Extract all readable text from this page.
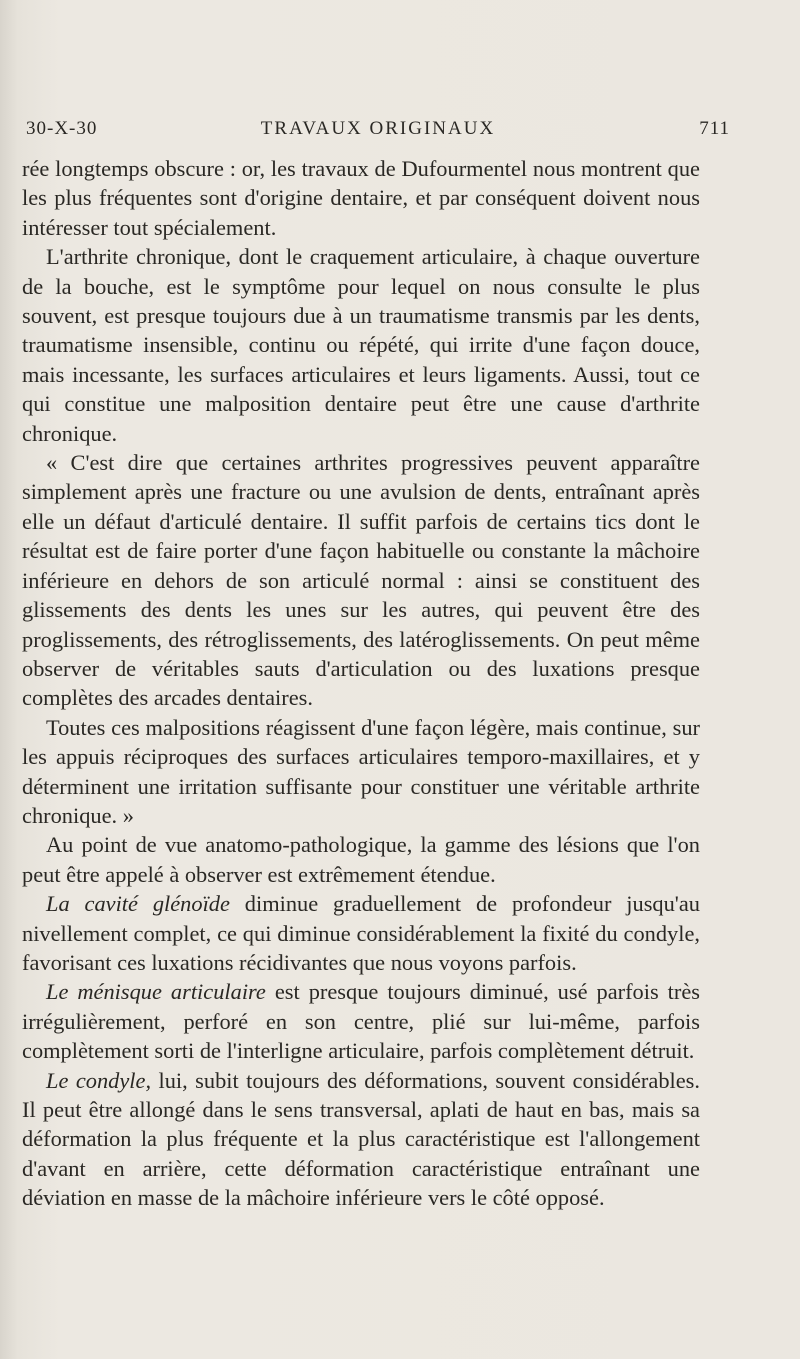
30-X-30	TRAVAUX ORIGINAUX	711

rée longtemps obscure : or, les travaux de Dufourmentel nous montrent que les plus fréquentes sont d'origine dentaire, et par conséquent doivent nous intéresser tout spécialement.

L'arthrite chronique, dont le craquement articulaire, à chaque ouverture de la bouche, est le symptôme pour lequel on nous consulte le plus souvent, est presque toujours due à un traumatisme transmis par les dents, traumatisme insensible, continu ou répété, qui irrite d'une façon douce, mais incessante, les surfaces articulaires et leurs ligaments. Aussi, tout ce qui constitue une malposition dentaire peut être une cause d'arthrite chronique.

« C'est dire que certaines arthrites progressives peuvent apparaître simplement après une fracture ou une avulsion de dents, entraînant après elle un défaut d'articulé dentaire. Il suffit parfois de certains tics dont le résultat est de faire porter d'une façon habituelle ou constante la mâchoire inférieure en dehors de son articulé normal : ainsi se constituent des glissements des dents les unes sur les autres, qui peuvent être des proglissements, des rétroglissements, des latéroglissements. On peut même observer de véritables sauts d'articulation ou des luxations presque complètes des arcades dentaires.

Toutes ces malpositions réagissent d'une façon légère, mais continue, sur les appuis réciproques des surfaces articulaires temporo-maxillaires, et y déterminent une irritation suffisante pour constituer une véritable arthrite chronique. »

Au point de vue anatomo-pathologique, la gamme des lésions que l'on peut être appelé à observer est extrêmement étendue.

La cavité glénoïde diminue graduellement de profondeur jusqu'au nivellement complet, ce qui diminue considérablement la fixité du condyle, favorisant ces luxations récidivantes que nous voyons parfois.

Le ménisque articulaire est presque toujours diminué, usé parfois très irrégulièrement, perforé en son centre, plié sur lui-même, parfois complètement sorti de l'interligne articulaire, parfois complètement détruit.

Le condyle, lui, subit toujours des déformations, souvent considérables. Il peut être allongé dans le sens transversal, aplati de haut en bas, mais sa déformation la plus fréquente et la plus caractéristique est l'allongement d'avant en arrière, cette déformation caractéristique entraînant une déviation en masse de la mâchoire inférieure vers le côté opposé.
